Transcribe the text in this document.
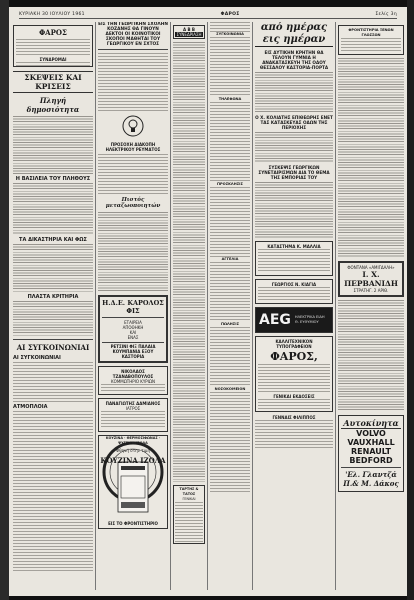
ΚΥΡΙΑΚΗ 30 ΙΟΥΛΙΟΥ 1961	ΦΑΡΟΣ	Σελίς 3η
ΦΑΡΟΣ
ΣΥΝΔΡΟΜΑΙ
ΣΚΕΨΕΙΣ ΚΑΙ ΚΡΙΣΕΙΣ
Πληγή δημοσιότητα
Η ΒΑΣΙΛΕΙΑ ΤΟΥ ΠΛΗΘΟΥΣ
ΤΑ ΔΙΚΑΣΤΗΡΙΑ ΚΑΙ ΦΩΣ
ΠΛΑΣΤΑ ΚΡΙΤΗΡΙΑ
ΑΙ ΣΥΓΚΟΙΝΩΝΙΑΙ
ΑΙ ΣΥΓΚΟΙΝΩΝΙΑΙ
ΑΤΜΟΠΛΟΙΑ
ΕΙΣ ΤΗΝ ΓΕΩΡΓΙΚΗΝ ΣΧΟΛΗΝ ΚΟΖΑΝΗΣ ΘΑ ΓΙΝΟΥΝ ΔΕΚΤΟΙ ΟΙ ΚΟΙΝΟΤΙΚΟΙ ΣΚΟΠΟΙ ΜΑΘΗΤΑΙ ΤΟΥ ΓΕΩΡΓΙΚΟΥ ΕΝ ΣΧΤΟΣ
ΠΡΟΣΟΧΗ ΔΙΑΚΟΠΗ ΗΛΕΚΤΡΙΚΟΥ ΡΕΥΜΑΤΟΣ
Πιστός μεταζωοποιητών
Η.Δ.Ε. ΚΑΡΟΛΟΣ ΦΙΣ
ΕΤΑΙΡΕΙΑ
ΑΠΟΘΗΚΗ
ΚΑΙ
ΕΝΑΣ
ΡΕΤΣΙΝΙ ΦΙΞ ΠΑΛΑΙΑ
ΚΟΥΜΠΑΝΙΑ ΕΞΟΥ ΚΑΣΤΟΡΙΑ
ΝΙΚΟΛΑΟΣ ΤΖΑΝΑΒΟΠΟΥΛΟΣ
ΚΟΜΜΩΤΗΡΙΟ ΚΥΡΙΩΝ
ΠΑΝΑΓΙΩΤΗΣ ΔΑΜΙΑΝΟΣ
ΙΑΤΡΟΣ
ΚΟΥΖΙΝΑ · ΘΕΡΜΟΣΙΦΩΝΑΣ · ΨΥΓΕΙΟ · ΙΖΟΛΑ
Φθηνή στην τιμή
ΚΟΥΖΙΝΑ ΙΖΟΛΑ
ΕΙΣ ΤΟ ΦΡΟΝΤΙΣΤΗΡΙΟ
Α Β Β
ΣΥΝΕΔΡΙΑΣΗ
ΤΑΡΤΗΣ & ΤΑΤΟΣ
ΓΕΝΙΚΑΙ
ΣΥΓΚΟΙΝΩΝΙΑ
ΤΗΛΕΦΩΝΑ
ΠΡΟΣΚΛΗΣΙΣ
ΑΓΓΕΛΙΑ
ΠΩΛΗΣΙΣ
ΝΟΣΟΚΟΜΕΙΟΝ
από ημέρας εις ημέραν
ΕΙΣ ΔΥΤΙΚΗΝ ΚΡΗΤΗΝ ΘΑ ΤΕΛΟΥΝ ΓΥΜΝΙΑ Η ΑΝΑΚΑΤΑΣΚΕΥΗ ΤΗΣ ΟΔΟΥ ΘΕΣΣΑΛΟΥ ΚΑΣΤΟΡΙΑ-ΠΟΡΤΑ
Ο Χ. ΚΟΛΙΑΤΗΣ ΕΠΙΘΕΩΡΗΣ ΕΝΕΤ ΤΑΣ ΚΑΤΑΣΚΕΥΑΣ ΟΔΩΝ ΤΗΣ ΠΕΡΙΟΧΗΣ
ΣΥΣΚΕΨΙΣ ΓΕΩΡΓΙΚΩΝ ΣΥΝΕΤΑΙΡΙΣΜΩΝ ΔΙΑ ΤΟ ΘΕΜΑ ΤΗΣ ΕΜΠΟΡΙΑΣ ΤΟΥ
ΚΑΤΑΣΤΗΜΑ Κ. ΜΑΛΛΙΑ
ΓΕΩΡΓΙΟΣ Ν. ΚΙΑΓΙΑ
AEG ΗΛΕΚΤΡΙΚΑ ΕΙΔΗ Θ. ΕΥΘΥΜΙΟΥ
ΚΑΛΛΙΤΕΧΝΙΚΟΝ ΤΥΠΟΓΡΑΦΕΙΟΝ
ΦΑΡΟΣ,
ΓΕΝΙΚΑΙ ΕΚΔΟΣΕΙΣ
ΓΕΝΝΑΙΣ ΦΙΛΙΠΠΟΣ
ΦΡΟΝΤΙΣΤΗΡΙΑ ΞΕΝΩΝ ΓΛΩΣΣΩΝ
ΦΟΝΤΑΝΑ «ΑΜΙΓΔΑΛΗ»
Ι. Χ. ΠΕΡΒΑΝΙΔΗ
ΣΤΡΑΤΗΓ. 2 ΑΡΙΘ.
Αυτοκίνητα
VOLVO
VAUXHALL
RENAULT
BEDFORD
'Ελ. Γλαντζά
Π.& Μ. Δάκος
